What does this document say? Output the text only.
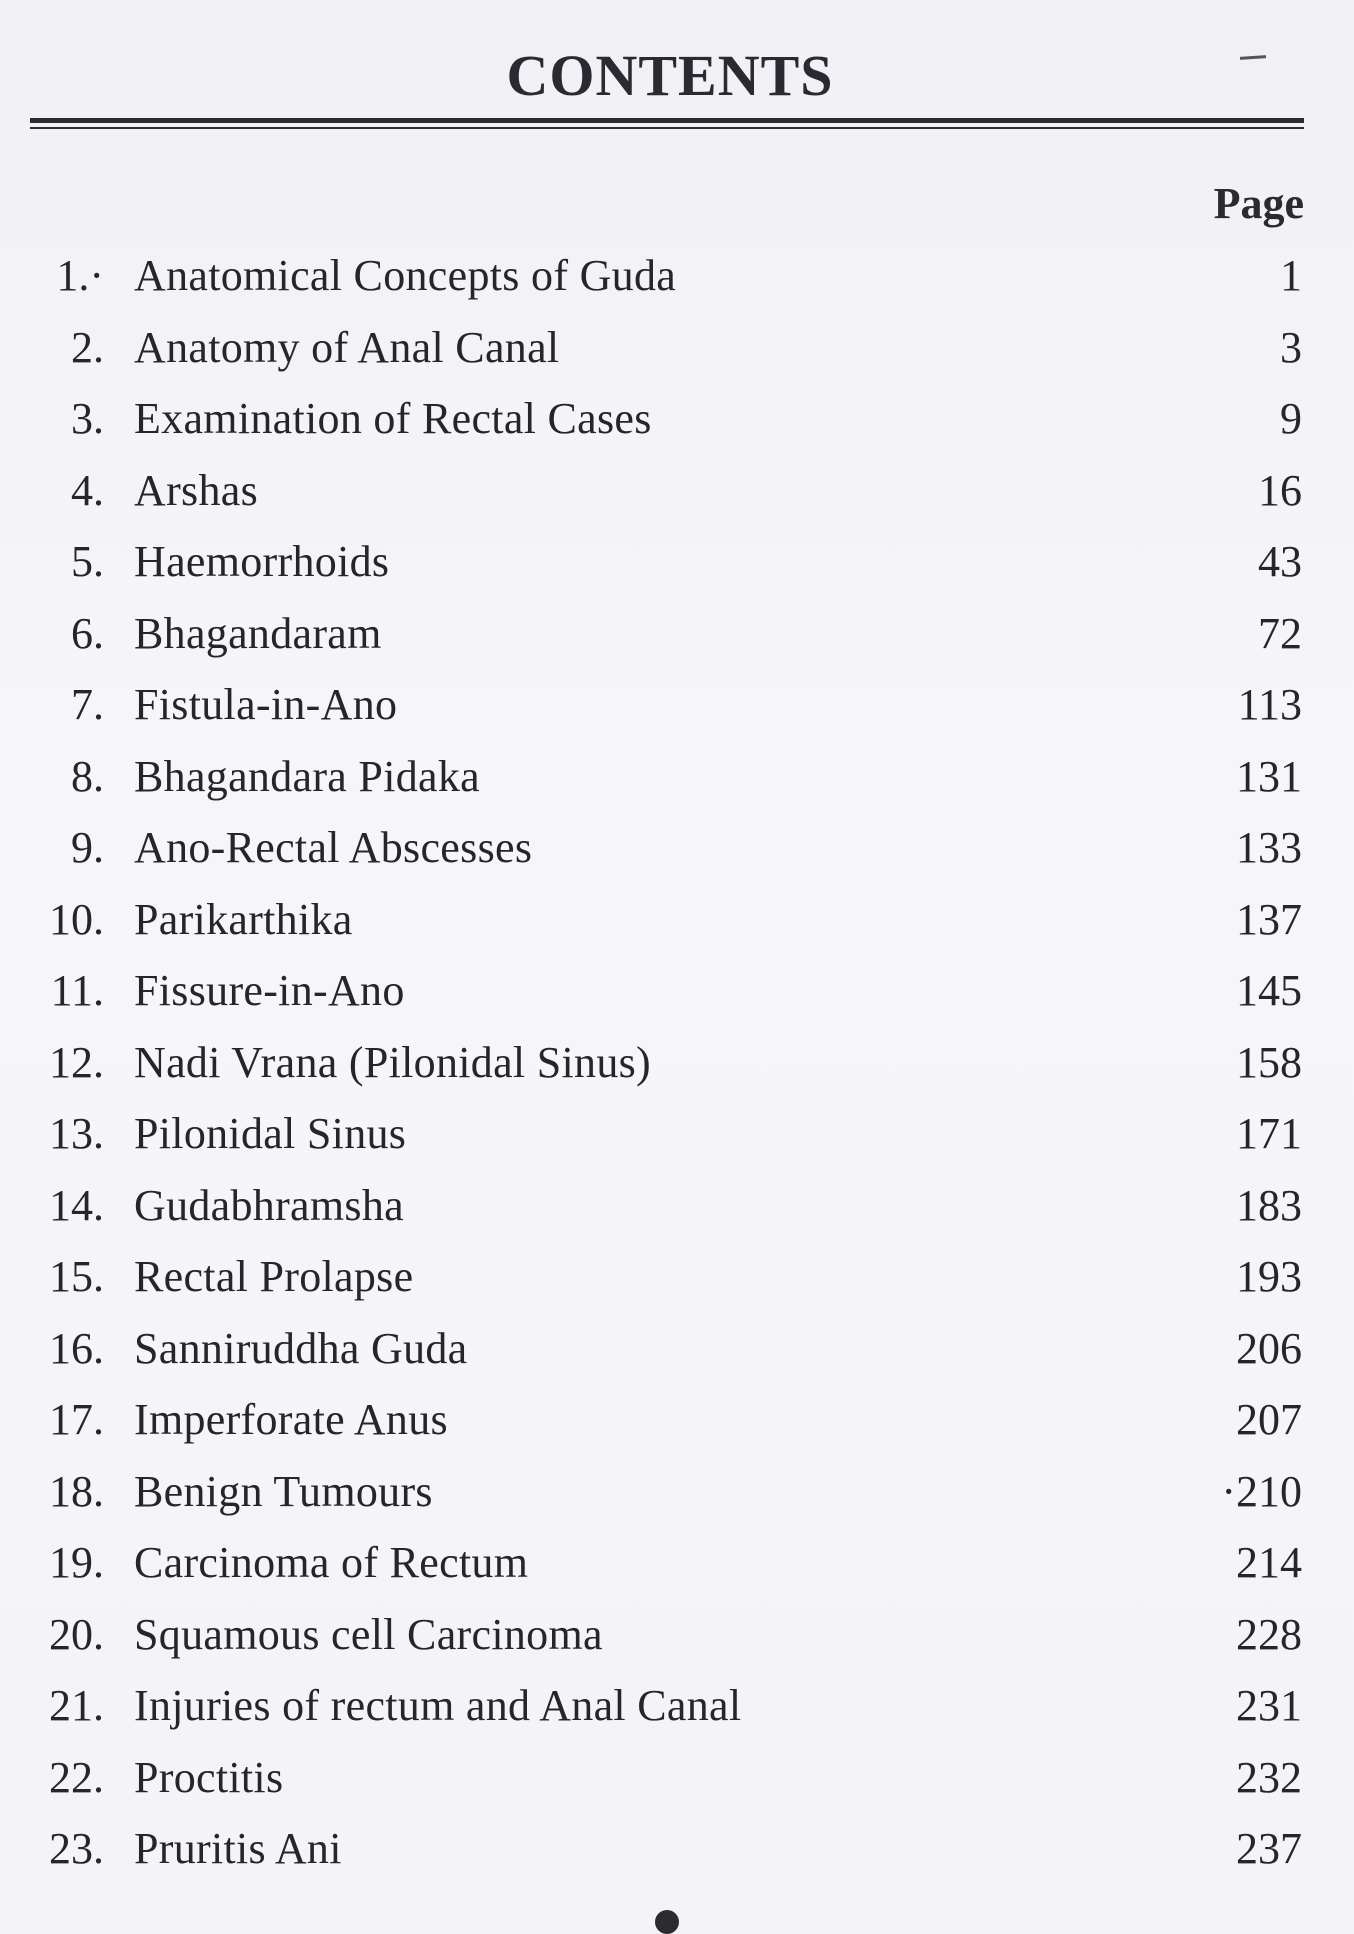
CONTENTS
Page
1.· Anatomical Concepts of Guda	1
2. Anatomy of Anal Canal	3
3. Examination of Rectal Cases	9
4. Arshas	16
5. Haemorrhoids	43
6. Bhagandaram	72
7. Fistula-in-Ano	113
8. Bhagandara Pidaka	131
9. Ano-Rectal Abscesses	133
10. Parikarthika	137
11. Fissure-in-Ano	145
12. Nadi Vrana (Pilonidal Sinus)	158
13. Pilonidal Sinus	171
14. Gudabhramsha	183
15. Rectal Prolapse	193
16. Sanniruddha Guda	206
17. Imperforate Anus	207
18. Benign Tumours	·210
19. Carcinoma of Rectum	214
20. Squamous cell Carcinoma	228
21. Injuries of rectum and Anal Canal	231
22. Proctitis	232
23. Pruritis Ani	237
